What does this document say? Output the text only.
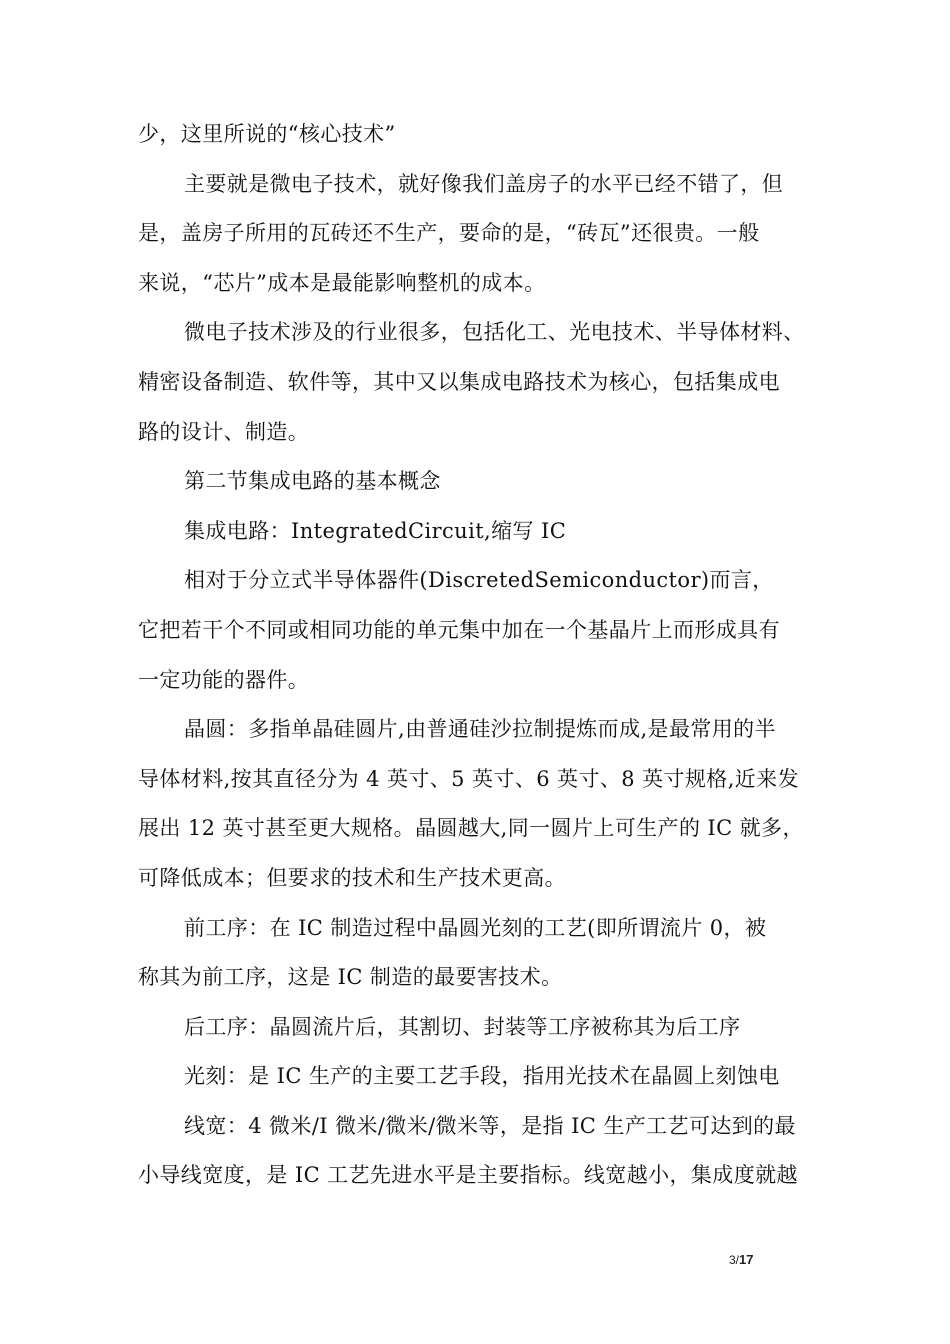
少，这里所说的“核心技术”
主要就是微电子技术，就好像我们盖房子的水平已经不错了，但
是，盖房子所用的瓦砖还不生产，要命的是，“砖瓦”还很贵。一般
来说，“芯片”成本是最能影响整机的成本。
微电子技术涉及的行业很多，包括化工、光电技术、半导体材料、
精密设备制造、软件等，其中又以集成电路技术为核心，包括集成电
路的设计、制造。
第二节集成电路的基本概念
集成电路：IntegratedCircuit,缩写 IC
相对于分立式半导体器件(DiscretedSemiconductor)而言，
它把若干个不同或相同功能的单元集中加在一个基晶片上而形成具有
一定功能的器件。
晶圆：多指单晶硅圆片,由普通硅沙拉制提炼而成,是最常用的半
导体材料,按其直径分为 4 英寸、5 英寸、6 英寸、8 英寸规格,近来发
展出 12 英寸甚至更大规格。晶圆越大,同一圆片上可生产的 IC 就多，
可降低成本；但要求的技术和生产技术更高。
前工序：在 IC 制造过程中晶圆光刻的工艺(即所谓流片 0，被
称其为前工序，这是 IC 制造的最要害技术。
后工序：晶圆流片后，其割切、封装等工序被称其为后工序
光刻：是 IC 生产的主要工艺手段，指用光技术在晶圆上刻蚀电
线宽：4 微米/I 微米/微米/微米等，是指 IC 生产工艺可达到的最
小导线宽度，是 IC 工艺先进水平是主要指标。线宽越小，集成度就越
3/17
